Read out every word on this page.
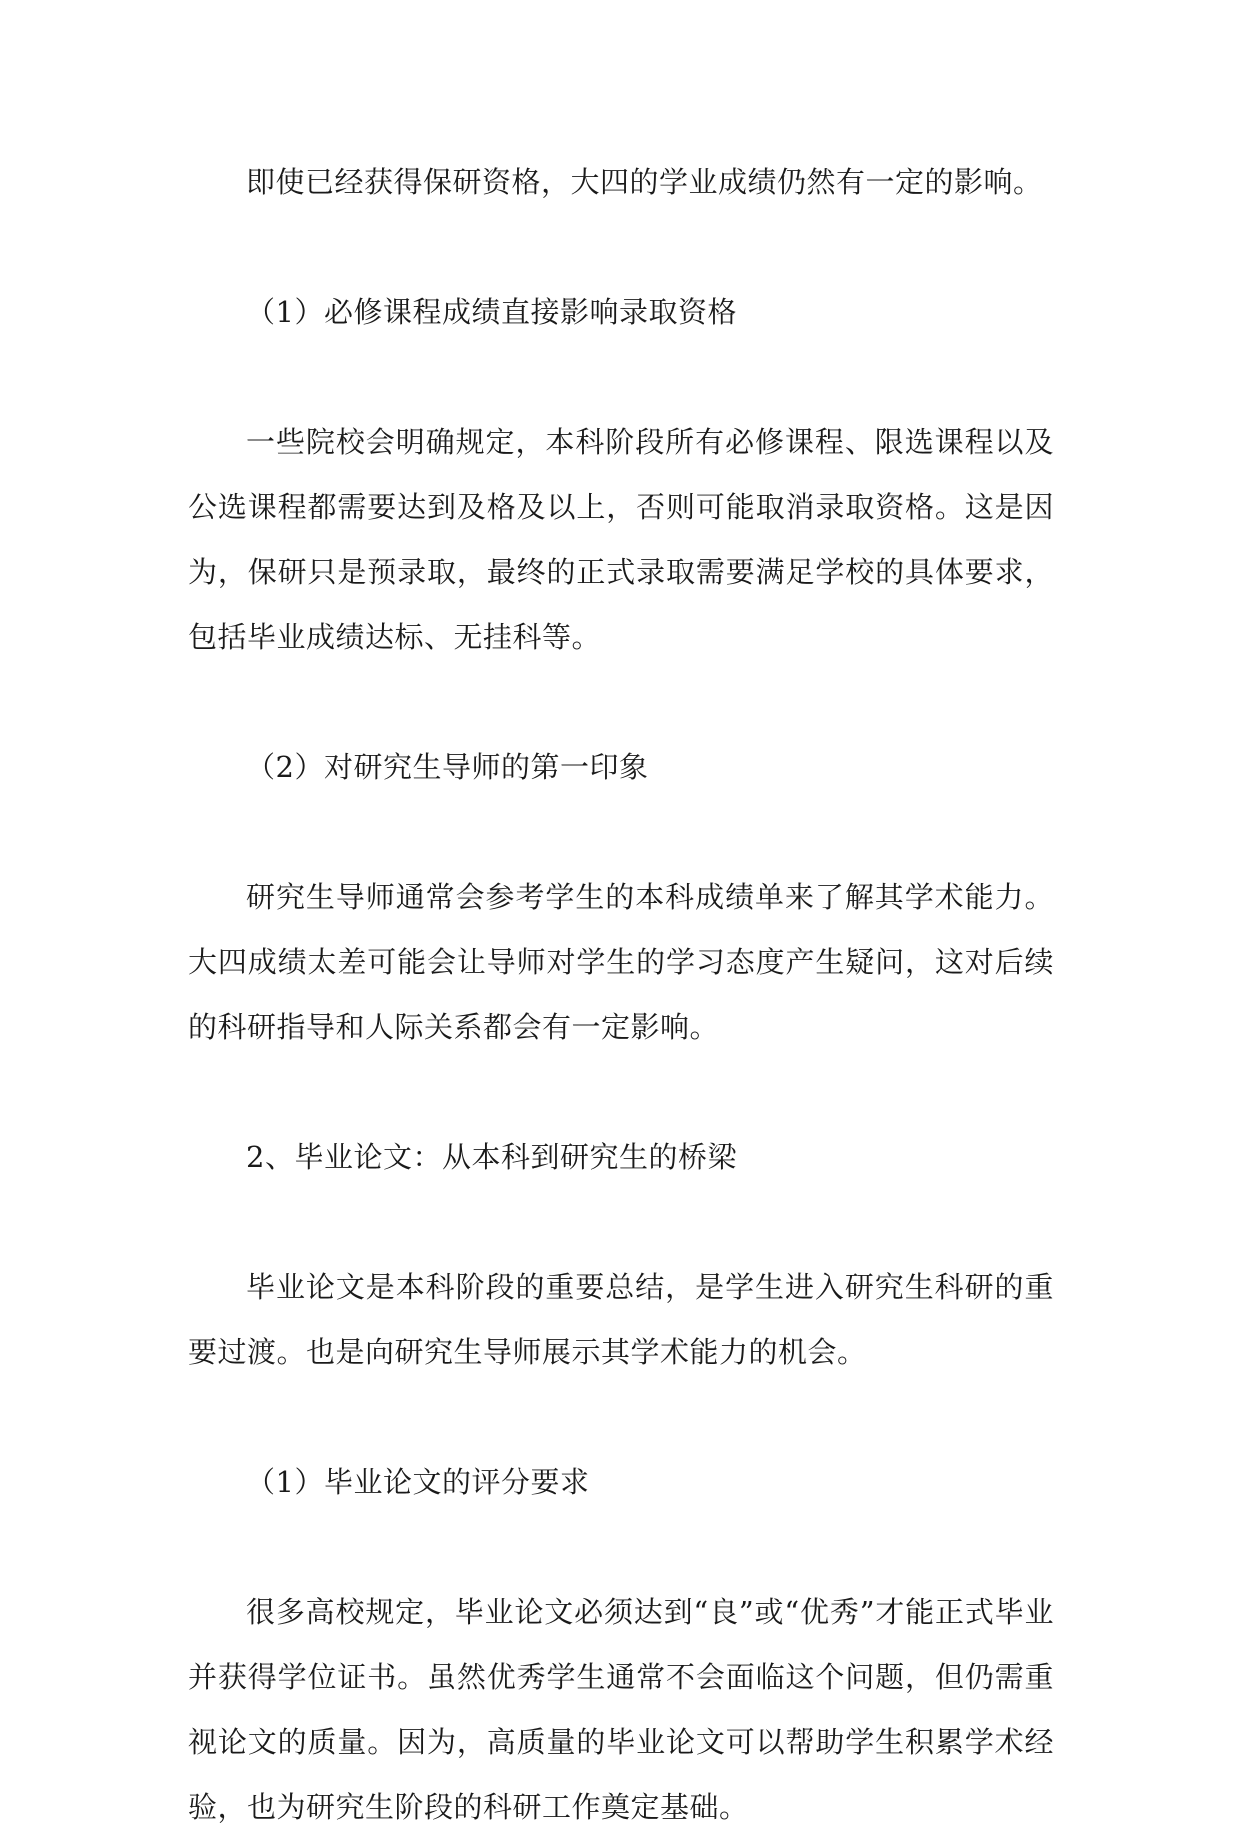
即使已经获得保研资格，大四的学业成绩仍然有一定的影响。

（1）必修课程成绩直接影响录取资格

一些院校会明确规定，本科阶段所有必修课程、限选课程以及公选课程都需要达到及格及以上，否则可能取消录取资格。这是因为，保研只是预录取，最终的正式录取需要满足学校的具体要求，包括毕业成绩达标、无挂科等。

（2）对研究生导师的第一印象

研究生导师通常会参考学生的本科成绩单来了解其学术能力。大四成绩太差可能会让导师对学生的学习态度产生疑问，这对后续的科研指导和人际关系都会有一定影响。

2、毕业论文：从本科到研究生的桥梁

毕业论文是本科阶段的重要总结，是学生进入研究生科研的重要过渡。也是向研究生导师展示其学术能力的机会。

（1）毕业论文的评分要求

很多高校规定，毕业论文必须达到“良”或“优秀”才能正式毕业并获得学位证书。虽然优秀学生通常不会面临这个问题，但仍需重视论文的质量。因为，高质量的毕业论文可以帮助学生积累学术经验，也为研究生阶段的科研工作奠定基础。
